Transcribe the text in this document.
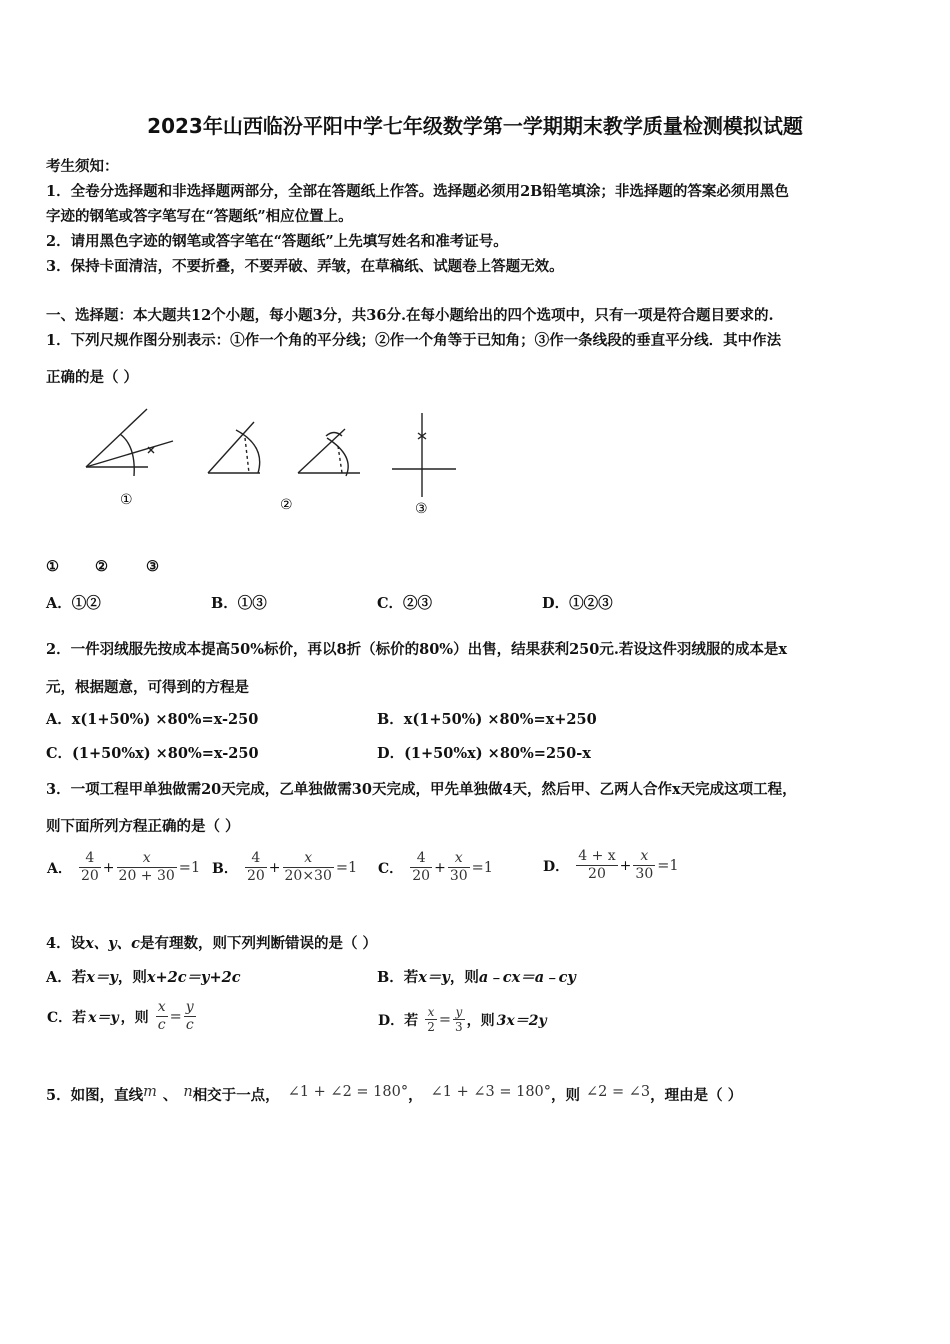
2023年山西临汾平阳中学七年级数学第一学期期末教学质量检测模拟试题
考生须知：
1．全卷分选择题和非选择题两部分，全部在答题纸上作答。选择题必须用2B铅笔填涂；非选择题的答案必须用黑色
字迹的钢笔或答字笔写在“答题纸”相应位置上。
2．请用黑色字迹的钢笔或答字笔在“答题纸”上先填写姓名和准考证号。
3．保持卡面清洁，不要折叠，不要弄破、弄皱，在草稿纸、试题卷上答题无效。
一、选择题：本大题共12个小题，每小题3分，共36分.在每小题给出的四个选项中，只有一项是符合题目要求的.
1．下列尺规作图分别表示：①作一个角的平分线；②作一个角等于已知角；③作一条线段的垂直平分线．其中作法
正确的是（ ）
①	②	③
① ②	③
A．①②	B．①③	C．②③	D．①②③
2．一件羽绒服先按成本提高50%标价，再以8折（标价的80%）出售，结果获利250元.若设这件羽绒服的成本是x
元，根据题意，可得到的方程是
A．x(1+50%) ×80%=x-250	B．x(1+50%) ×80%=x+250
C．(1+50%x) ×80%=x-250	D．(1+50%x) ×80%=250-x
3．一项工程甲单独做需20天完成，乙单独做需30天完成，甲先单独做4天，然后甲、乙两人合作x天完成这项工程，
则下面所列方程正确的是（ ）
A． $\frac{4}{20} + \frac{x}{20 + 30} =1$ B． $\frac{4}{20} + \frac{x}{20\times 30} =1$ C． $\frac{4}{20} + \frac{x}{30} =1$	D． $\frac{4 + x}{20} + \frac{x}{30} =1$
4．设x、y、c是有理数，则下列判断错误的是（ ）
A．若x＝y，则x+2c＝y+2c	B．若x＝y，则a﹣cx＝a﹣cy
C．若 x＝y ，则 $\frac{x}{c} = \frac{y}{c}$	D．若 $\frac{x}{2} = \frac{y}{3}$ ，则 3x＝2y
5．如图，直线m 、 n相交于一点， ∠1 + ∠2 = 180°， ∠1 + ∠3 = 180°，则 ∠2 = ∠3，理由是（ ）
